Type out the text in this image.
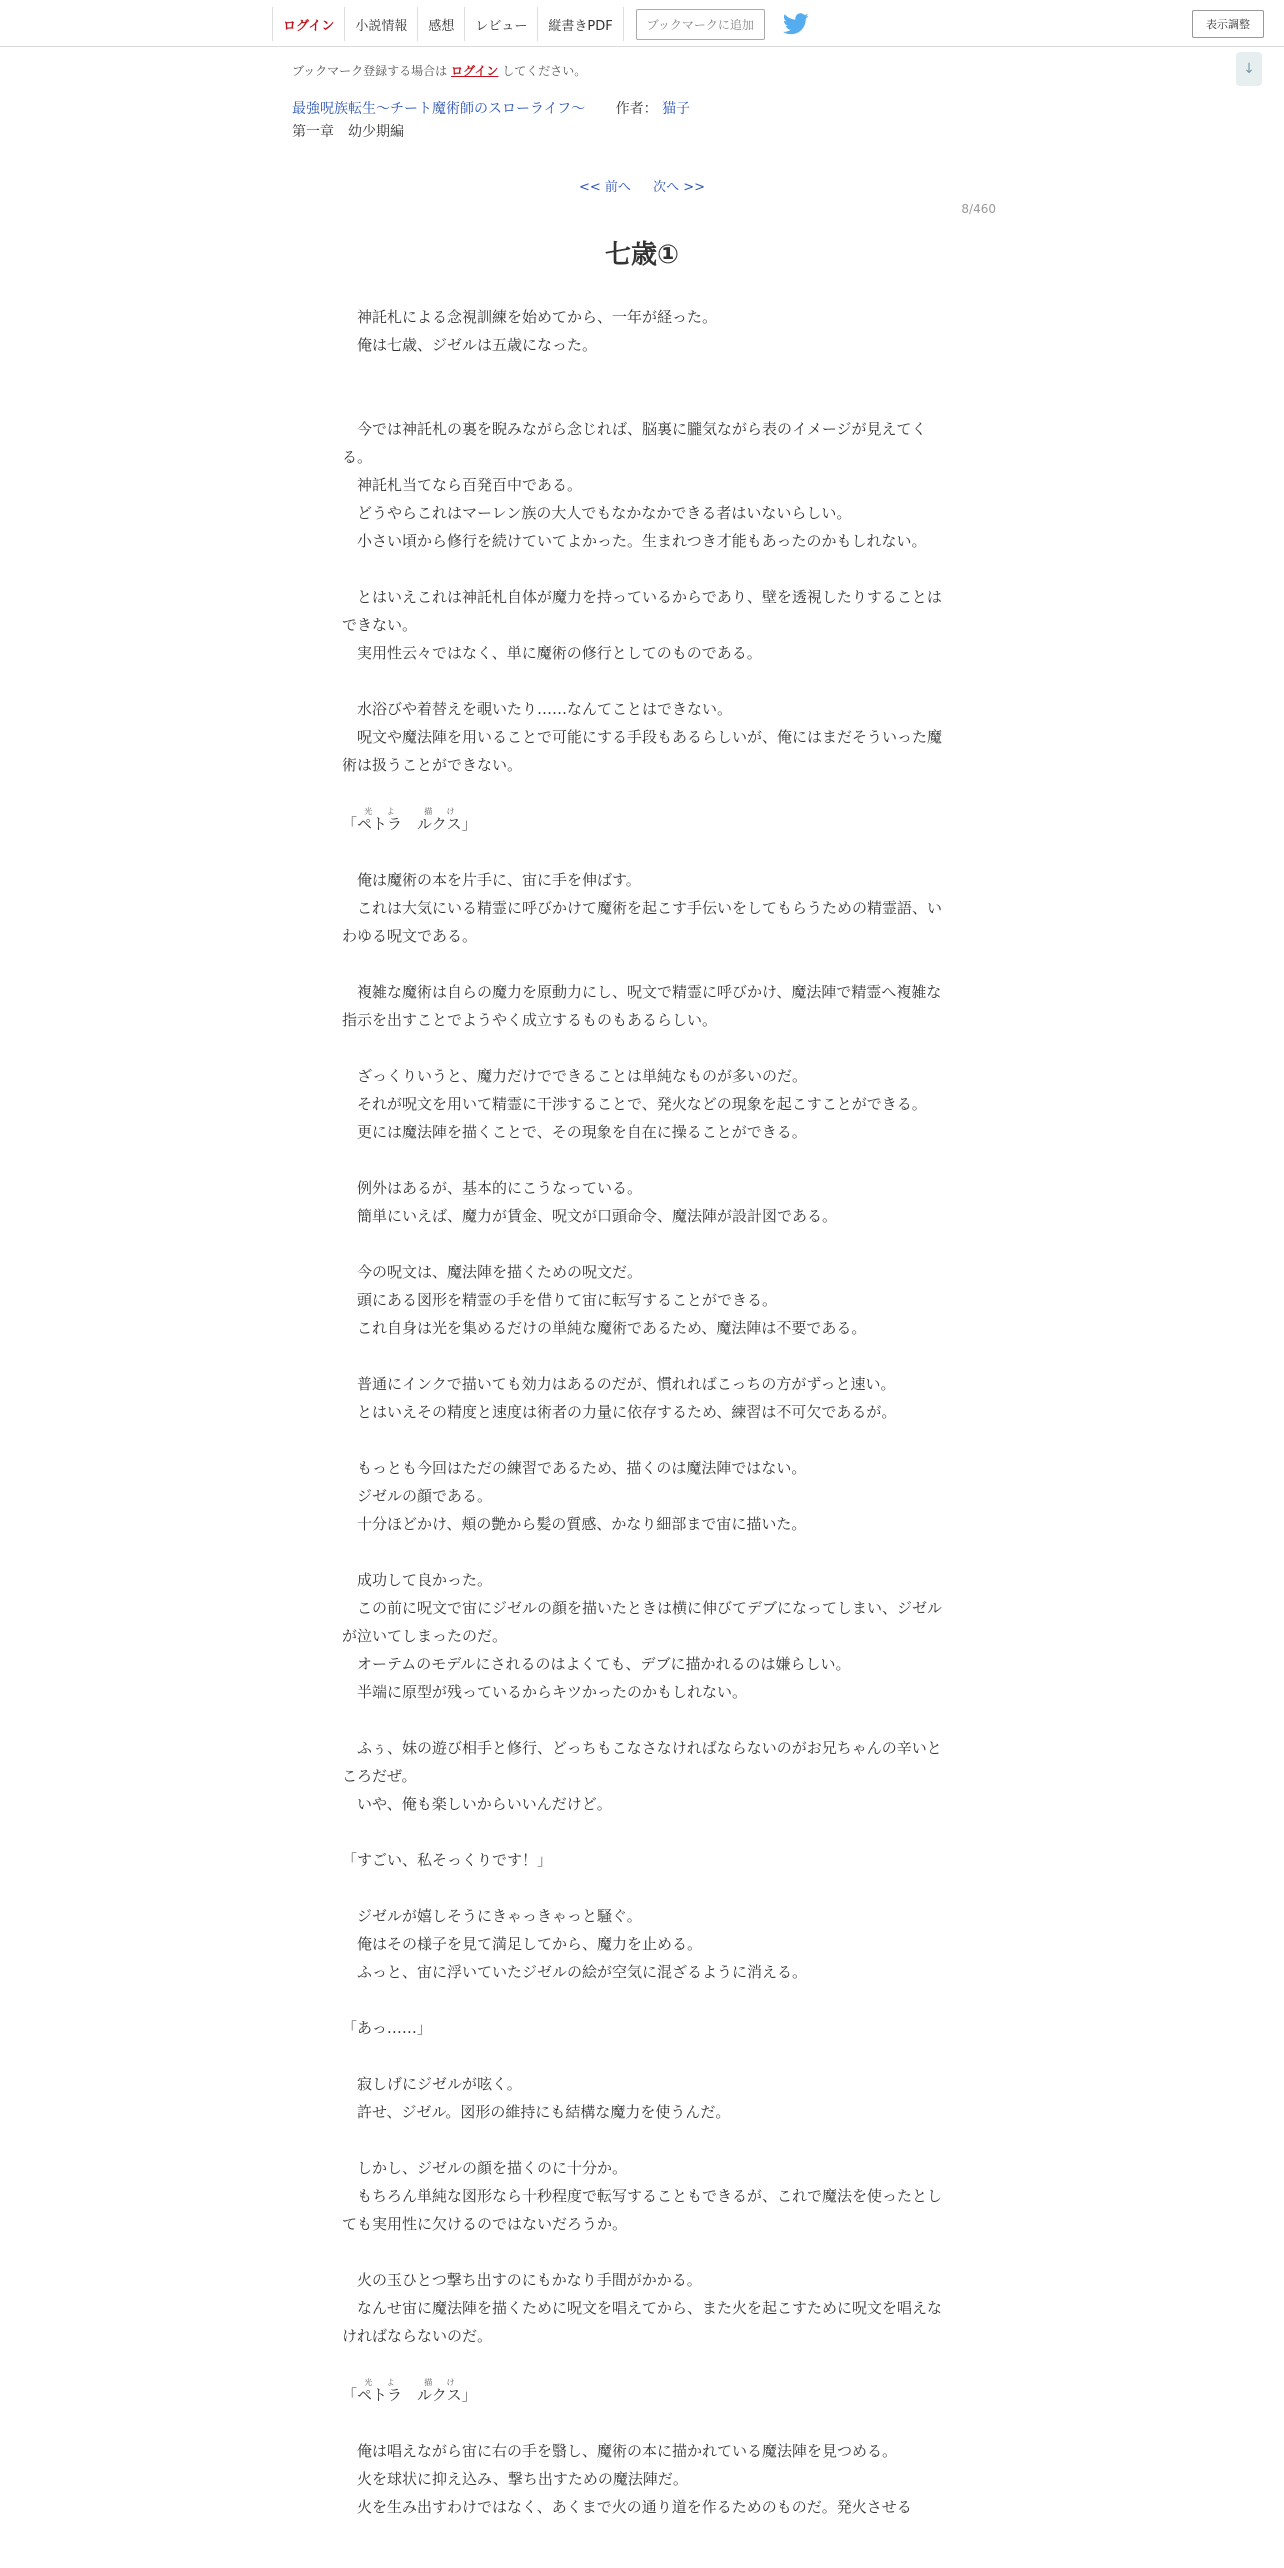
ログイン	小説情報	感想	レビュー	縦書きPDF	ブックマークに追加	表示調整
↓
ブックマーク登録する場合は ログイン してください。
最強呪族転生～チート魔術師のスローライフ～ 作者： 猫子
第一章　幼少期編
<< 前へ 次へ >>
8/460
七歳①

　神託札による念視訓練を始めてから、一年が経った。

　俺は七歳、ジゼルは五歳になった。

　今では神託札の裏を睨みながら念じれば、脳裏に朧気ながら表のイメージが見えてくる。

　神託札当てなら百発百中である。

　どうやらこれはマーレン族の大人でもなかなかできる者はいないらしい。

　小さい頃から修行を続けていてよかった。生まれつき才能もあったのかもしれない。

　とはいえこれは神託札自体が魔力を持っているからであり、壁を透視したりすることはできない。

　実用性云々ではなく、単に魔術の修行としてのものである。

　水浴びや着替えを覗いたり……なんてことはできない。

　呪文や魔法陣を用いることで可能にする手段もあるらしいが、俺にはまだそういった魔術は扱うことができない。

「ペトラ光よ　ルクス描け」

　俺は魔術の本を片手に、宙に手を伸ばす。

　これは大気にいる精霊に呼びかけて魔術を起こす手伝いをしてもらうための精霊語、いわゆる呪文である。

　複雑な魔術は自らの魔力を原動力にし、呪文で精霊に呼びかけ、魔法陣で精霊へ複雑な指示を出すことでようやく成立するものもあるらしい。

　ざっくりいうと、魔力だけでできることは単純なものが多いのだ。

　それが呪文を用いて精霊に干渉することで、発火などの現象を起こすことができる。

　更には魔法陣を描くことで、その現象を自在に操ることができる。

　例外はあるが、基本的にこうなっている。

　簡単にいえば、魔力が賃金、呪文が口頭命令、魔法陣が設計図である。

　今の呪文は、魔法陣を描くための呪文だ。

　頭にある図形を精霊の手を借りて宙に転写することができる。

　これ自身は光を集めるだけの単純な魔術であるため、魔法陣は不要である。

　普通にインクで描いても効力はあるのだが、慣れればこっちの方がずっと速い。

　とはいえその精度と速度は術者の力量に依存するため、練習は不可欠であるが。

　もっとも今回はただの練習であるため、描くのは魔法陣ではない。

　ジゼルの顔である。

　十分ほどかけ、頬の艶から髪の質感、かなり細部まで宙に描いた。

　成功して良かった。

　この前に呪文で宙にジゼルの顔を描いたときは横に伸びてデブになってしまい、ジゼルが泣いてしまったのだ。

　オーテムのモデルにされるのはよくても、デブに描かれるのは嫌らしい。

　半端に原型が残っているからキツかったのかもしれない。

　ふぅ、妹の遊び相手と修行、どっちもこなさなければならないのがお兄ちゃんの辛いところだぜ。

　いや、俺も楽しいからいいんだけど。

「すごい、私そっくりです！」

　ジゼルが嬉しそうにきゃっきゃっと騒ぐ。

　俺はその様子を見て満足してから、魔力を止める。

　ふっと、宙に浮いていたジゼルの絵が空気に混ざるように消える。

「あっ……」

　寂しげにジゼルが呟く。

　許せ、ジゼル。図形の維持にも結構な魔力を使うんだ。

　しかし、ジゼルの顔を描くのに十分か。

　もちろん単純な図形なら十秒程度で転写することもできるが、これで魔法を使ったとしても実用性に欠けるのではないだろうか。

　火の玉ひとつ撃ち出すのにもかなり手間がかかる。

　なんせ宙に魔法陣を描くために呪文を唱えてから、また火を起こすために呪文を唱えなければならないのだ。

「ペトラ光よ　ルクス描け」

　俺は唱えながら宙に右の手を翳し、魔術の本に描かれている魔法陣を見つめる。

　火を球状に抑え込み、撃ち出すための魔法陣だ。

　火を生み出すわけではなく、あくまで火の通り道を作るためのものだ。発火させる
